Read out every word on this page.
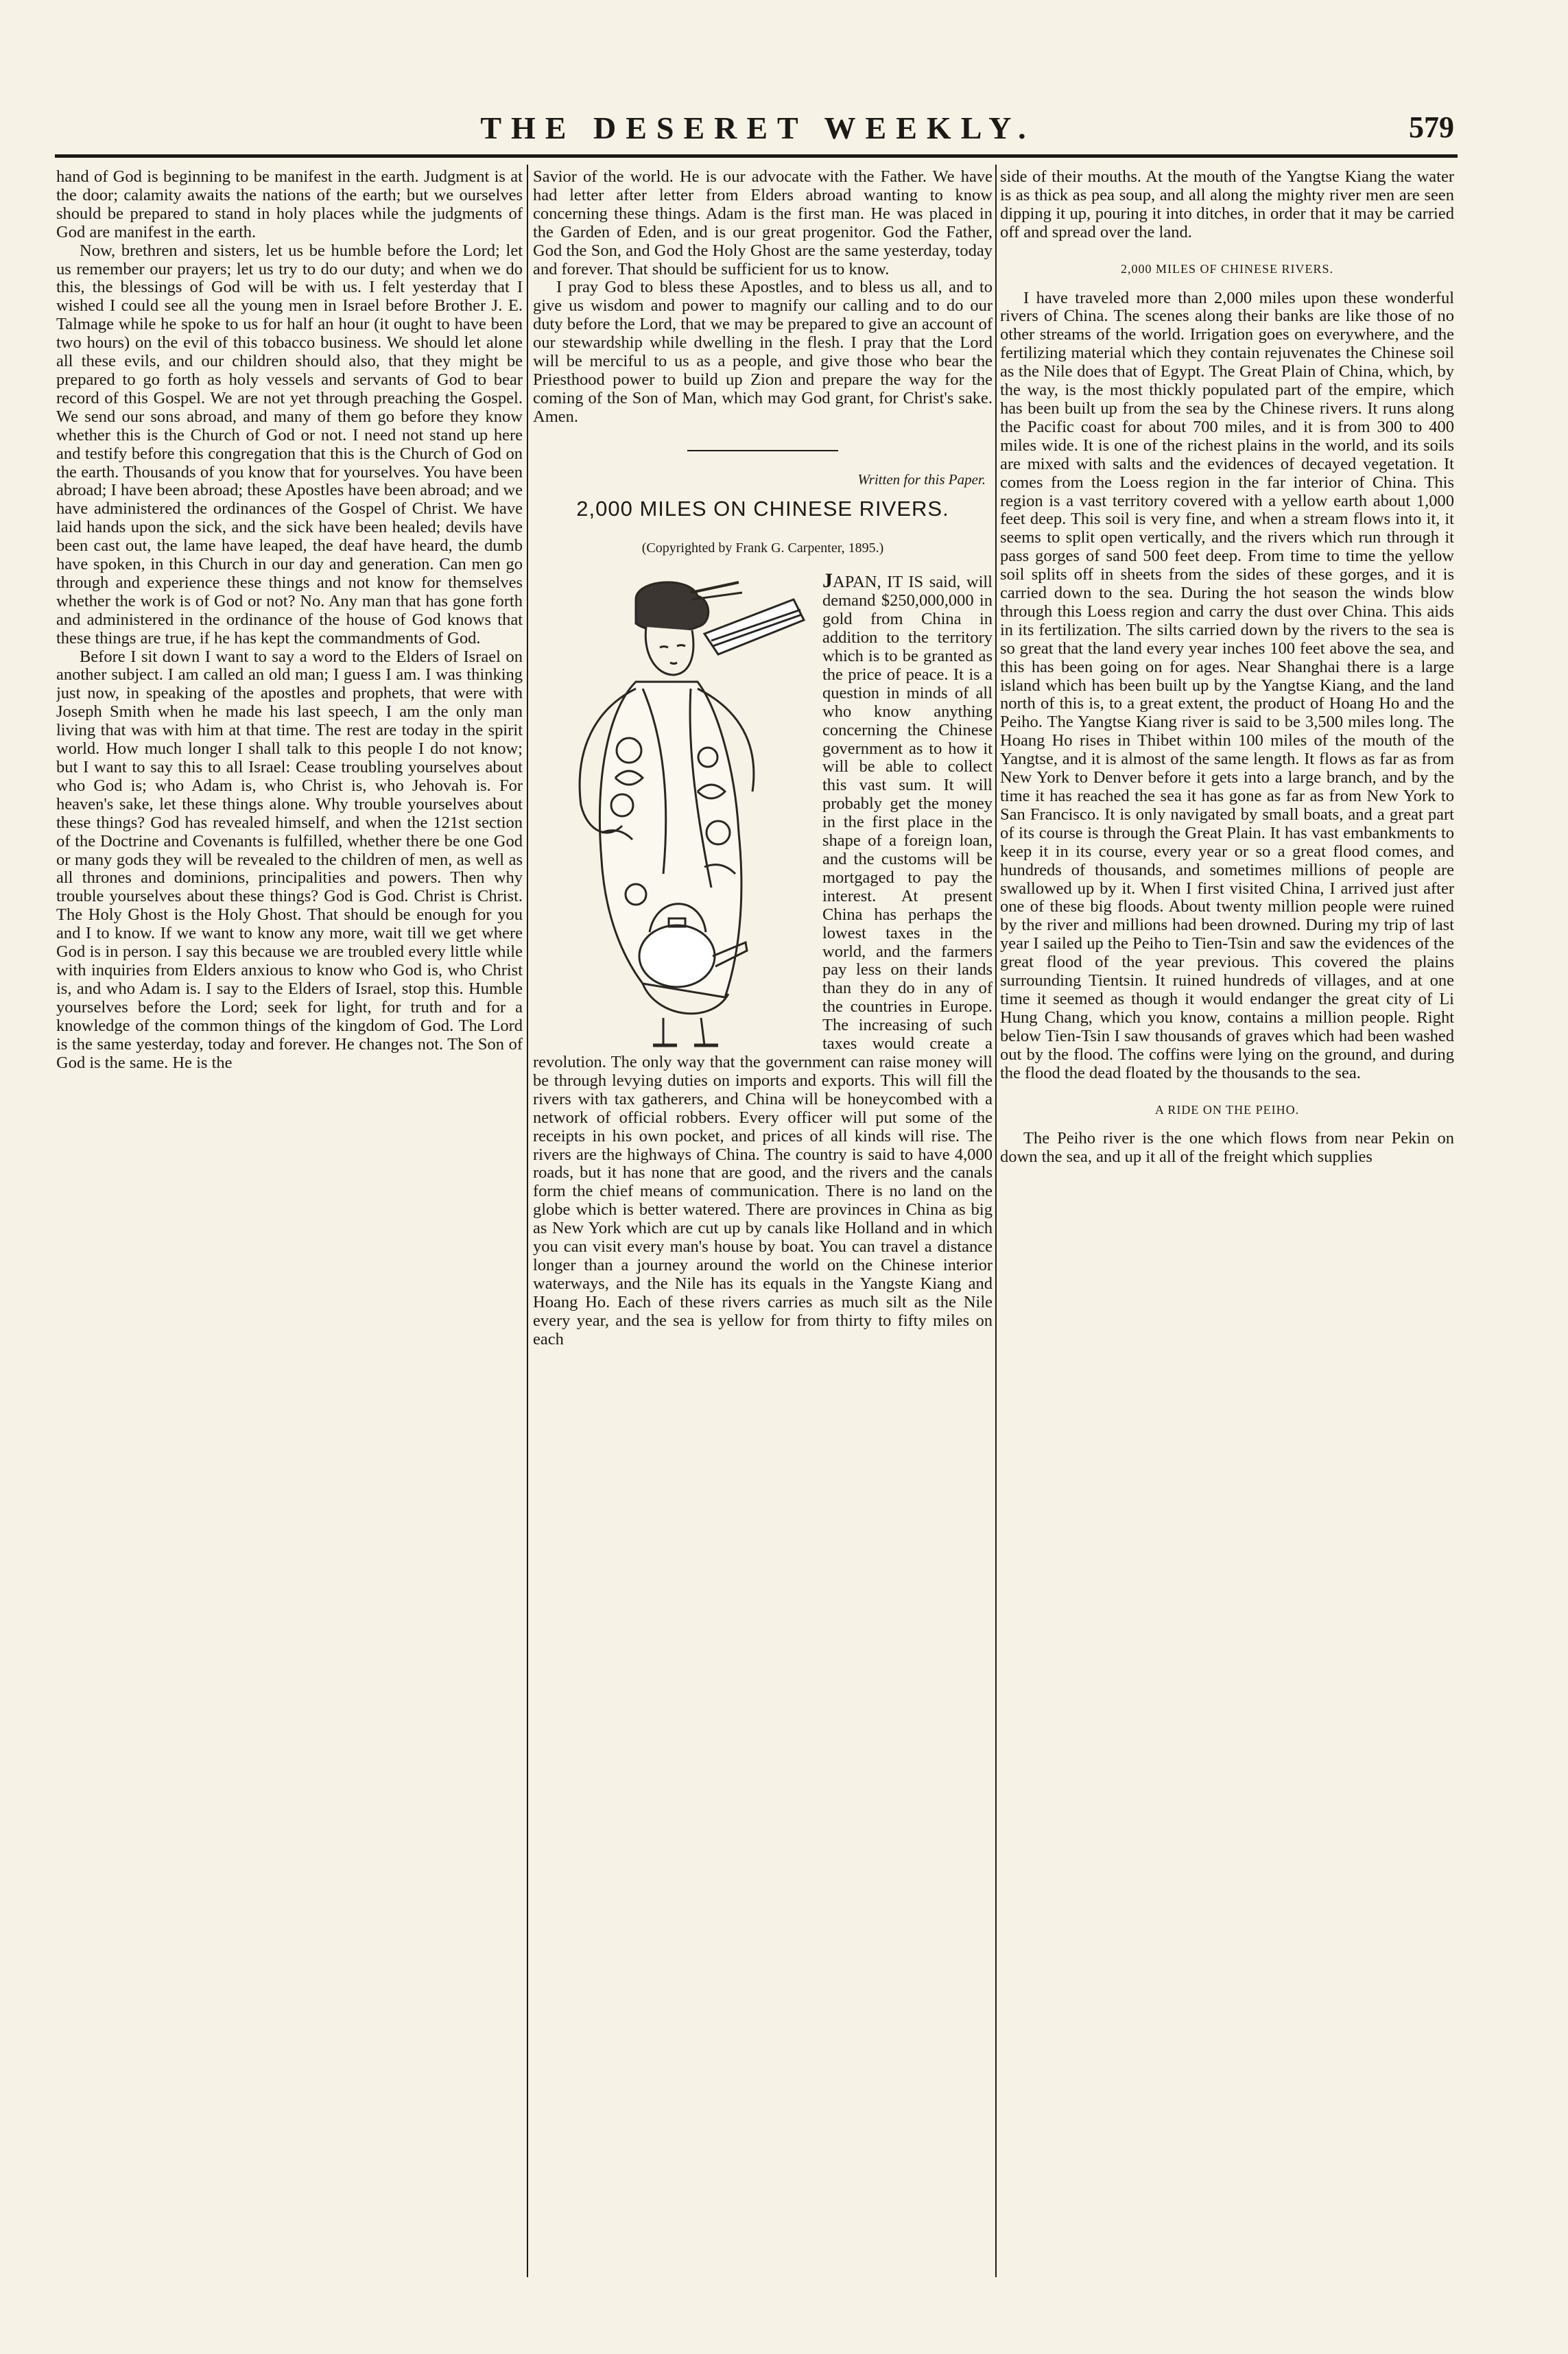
THE DESERET WEEKLY.	579

hand of God is beginning to be manifest in the earth. Judgment is at the door; calamity awaits the nations of the earth; but we ourselves should be prepared to stand in holy places while the judgments of God are manifest in the earth.

Now, brethren and sisters, let us be humble before the Lord; let us remember our prayers; let us try to do our duty; and when we do this, the blessings of God will be with us. I felt yesterday that I wished I could see all the young men in Israel before Brother J. E. Talmage while he spoke to us for half an hour (it ought to have been two hours) on the evil of this tobacco business. We should let alone all these evils, and our children should also, that they might be prepared to go forth as holy vessels and servants of God to bear record of this Gospel. We are not yet through preaching the Gospel. We send our sons abroad, and many of them go before they know whether this is the Church of God or not. I need not stand up here and testify before this congregation that this is the Church of God on the earth. Thousands of you know that for yourselves. You have been abroad; I have been abroad; these Apostles have been abroad; and we have administered the ordinances of the Gospel of Christ. We have laid hands upon the sick, and the sick have been healed; devils have been cast out, the lame have leaped, the deaf have heard, the dumb have spoken, in this Church in our day and generation. Can men go through and experience these things and not know for themselves whether the work is of God or not? No. Any man that has gone forth and administered in the ordinance of the house of God knows that these things are true, if he has kept the commandments of God.

Before I sit down I want to say a word to the Elders of Israel on another subject. I am called an old man; I guess I am. I was thinking just now, in speaking of the apostles and prophets, that were with Joseph Smith when he made his last speech, I am the only man living that was with him at that time. The rest are today in the spirit world. How much longer I shall talk to this people I do not know; but I want to say this to all Israel: Cease troubling yourselves about who God is; who Adam is, who Christ is, who Jehovah is. For heaven's sake, let these things alone. Why trouble yourselves about these things? God has revealed himself, and when the 121st section of the Doctrine and Covenants is fulfilled, whether there be one God or many gods they will be revealed to the children of men, as well as all thrones and dominions, principalities and powers. Then why trouble yourselves about these things? God is God. Christ is Christ. The Holy Ghost is the Holy Ghost. That should be enough for you and I to know. If we want to know any more, wait till we get where God is in person. I say this because we are troubled every little while with inquiries from Elders anxious to know who God is, who Christ is, and who Adam is. I say to the Elders of Israel, stop this. Humble yourselves before the Lord; seek for light, for truth and for a knowledge of the common things of the kingdom of God. The Lord is the same yesterday, today and forever. He changes not. The Son of God is the same. He is the

Savior of the world. He is our advocate with the Father. We have had letter after letter from Elders abroad wanting to know concerning these things. Adam is the first man. He was placed in the Garden of Eden, and is our great progenitor. God the Father, God the Son, and God the Holy Ghost are the same yesterday, today and forever. That should be sufficient for us to know.

I pray God to bless these Apostles, and to bless us all, and to give us wisdom and power to magnify our calling and to do our duty before the Lord, that we may be prepared to give an account of our stewardship while dwelling in the flesh. I pray that the Lord will be merciful to us as a people, and give those who bear the Priesthood power to build up Zion and prepare the way for the coming of the Son of Man, which may God grant, for Christ's sake. Amen.

Written for this Paper.
2,000 MILES ON CHINESE RIVERS.
(Copyrighted by Frank G. Carpenter, 1895.)
JAPAN, IT IS said, will demand $250,000,000 in gold from China in addition to the territory which is to be granted as the price of peace. It is a question in minds of all who know anything concerning the Chinese government as to how it will be able to collect this vast sum. It will probably get the money in the first place in the shape of a foreign loan, and the customs will be mortgaged to pay the interest. At present China has perhaps the lowest taxes in the world, and the farmers pay less on their lands than they do in any of the countries in Europe. The increasing of such taxes would create a revolution. The only way that the government can raise money will be through levying duties on imports and exports. This will fill the rivers with tax gatherers, and China will be honeycombed with a network of official robbers. Every officer will put some of the receipts in his own pocket, and prices of all kinds will rise. The rivers are the highways of China. The country is said to have 4,000 roads, but it has none that are good, and the rivers and the canals form the chief means of communication. There is no land on the globe which is better watered. There are provinces in China as big as New York which are cut up by canals like Holland and in which you can visit every man's house by boat. You can travel a distance longer than a journey around the world on the Chinese interior waterways, and the Nile has its equals in the Yangste Kiang and Hoang Ho. Each of these rivers carries as much silt as the Nile every year, and the sea is yellow for from thirty to fifty miles on each

side of their mouths. At the mouth of the Yangtse Kiang the water is as thick as pea soup, and all along the mighty river men are seen dipping it up, pouring it into ditches, in order that it may be carried off and spread over the land.

2,000 MILES OF CHINESE RIVERS.

I have traveled more than 2,000 miles upon these wonderful rivers of China. The scenes along their banks are like those of no other streams of the world. Irrigation goes on everywhere, and the fertilizing material which they contain rejuvenates the Chinese soil as the Nile does that of Egypt. The Great Plain of China, which, by the way, is the most thickly populated part of the empire, which has been built up from the sea by the Chinese rivers. It runs along the Pacific coast for about 700 miles, and it is from 300 to 400 miles wide. It is one of the richest plains in the world, and its soils are mixed with salts and the evidences of decayed vegetation. It comes from the Loess region in the far interior of China. This region is a vast territory covered with a yellow earth about 1,000 feet deep. This soil is very fine, and when a stream flows into it, it seems to split open vertically, and the rivers which run through it pass gorges of sand 500 feet deep. From time to time the yellow soil splits off in sheets from the sides of these gorges, and it is carried down to the sea. During the hot season the winds blow through this Loess region and carry the dust over China. This aids in its fertilization. The silts carried down by the rivers to the sea is so great that the land every year inches 100 feet above the sea, and this has been going on for ages. Near Shanghai there is a large island which has been built up by the Yangtse Kiang, and the land north of this is, to a great extent, the product of Hoang Ho and the Peiho. The Yangtse Kiang river is said to be 3,500 miles long. The Hoang Ho rises in Thibet within 100 miles of the mouth of the Yangtse, and it is almost of the same length. It flows as far as from New York to Denver before it gets into a large branch, and by the time it has reached the sea it has gone as far as from New York to San Francisco. It is only navigated by small boats, and a great part of its course is through the Great Plain. It has vast embankments to keep it in its course, every year or so a great flood comes, and hundreds of thousands, and sometimes millions of people are swallowed up by it. When I first visited China, I arrived just after one of these big floods. About twenty million people were ruined by the river and millions had been drowned. During my trip of last year I sailed up the Peiho to Tien-Tsin and saw the evidences of the great flood of the year previous. This covered the plains surrounding Tientsin. It ruined hundreds of villages, and at one time it seemed as though it would endanger the great city of Li Hung Chang, which you know, contains a million people. Right below Tien-Tsin I saw thousands of graves which had been washed out by the flood. The coffins were lying on the ground, and during the flood the dead floated by the thousands to the sea.

A RIDE ON THE PEIHO.

The Peiho river is the one which flows from near Pekin on down the sea, and up it all of the freight which supplies
